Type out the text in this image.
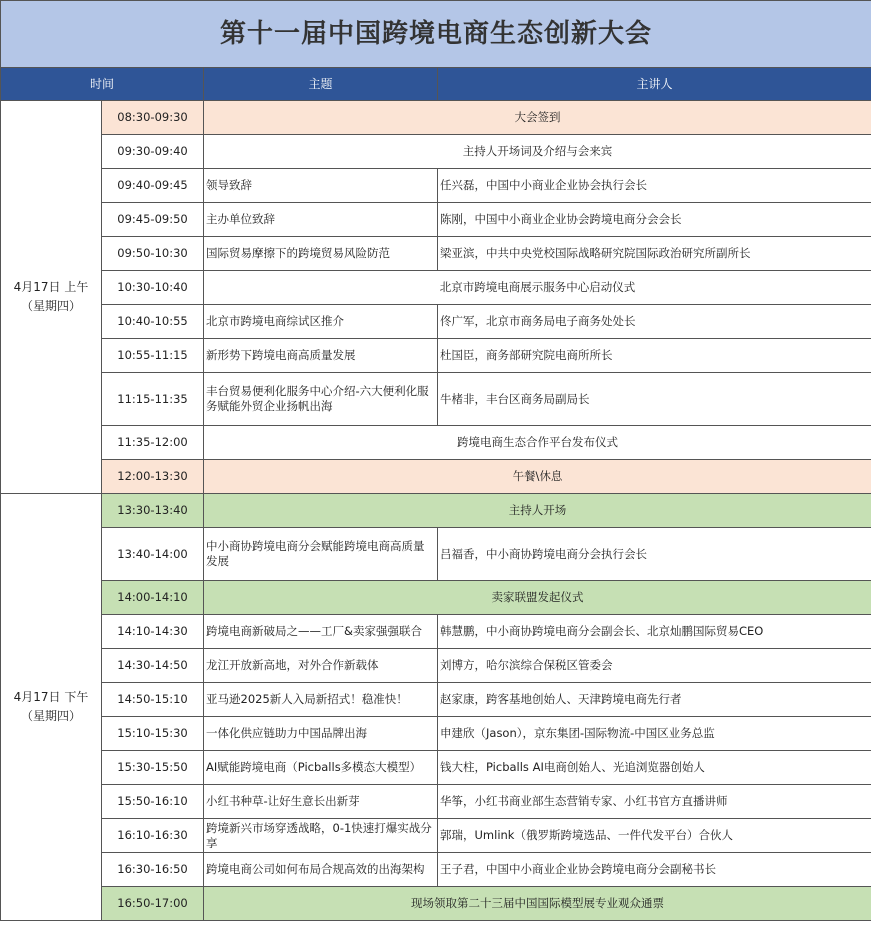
第十一届中国跨境电商生态创新大会			
时间		主题	主讲人

4月17日 上午
（星期四）	08:30-09:30	大会签到	
	09:30-09:40	主持人开场词及介绍与会来宾	
	09:40-09:45	领导致辞	任兴磊，中国中小商业企业协会执行会长
	09:45-09:50	主办单位致辞	陈刚，中国中小商业企业协会跨境电商分会会长
	09:50-10:30	国际贸易摩擦下的跨境贸易风险防范	梁亚滨，中共中央党校国际战略研究院国际政治研究所副所长
	10:30-10:40	北京市跨境电商展示服务中心启动仪式	
	10:40-10:55	北京市跨境电商综试区推介	佟广军，北京市商务局电子商务处处长
	10:55-11:15	新形势下跨境电商高质量发展	杜国臣，商务部研究院电商所所长
	11:15-11:35	丰台贸易便利化服务中心介绍-六大便利化服务赋能外贸企业扬帆出海	牛楮非，丰台区商务局副局长
	11:35-12:00	跨境电商生态合作平台发布仪式	
	12:00-13:30	午餐\休息	

4月17日 下午
（星期四）	13:30-13:40	主持人开场	
	13:40-14:00	中小商协跨境电商分会赋能跨境电商高质量发展	吕福香，中小商协跨境电商分会执行会长
	14:00-14:10	卖家联盟发起仪式	
	14:10-14:30	跨境电商新破局之——工厂&卖家强强联合	韩慧鹏，中小商协跨境电商分会副会长、北京灿鹏国际贸易CEO
	14:30-14:50	龙江开放新高地，对外合作新载体	刘博方，哈尔滨综合保税区管委会
	14:50-15:10	亚马逊2025新人入局新招式！稳准快！	赵家康，跨客基地创始人、天津跨境电商先行者
	15:10-15:30	一体化供应链助力中国品牌出海	申建欣（Jason），京东集团-国际物流-中国区业务总监
	15:30-15:50	AI赋能跨境电商（Picballs多模态大模型）	钱大柱，Picballs AI电商创始人、光追浏览器创始人
	15:50-16:10	小红书种草-让好生意长出新芽	华筝，小红书商业部生态营销专家、小红书官方直播讲师
	16:10-16:30	跨境新兴市场穿透战略，0-1快速打爆实战分享	郭瑞，Umlink（俄罗斯跨境选品、一件代发平台）合伙人
	16:30-16:50	跨境电商公司如何布局合规高效的出海架构	王子君，中国中小商业企业协会跨境电商分会副秘书长
	16:50-17:00	现场领取第二十三届中国国际模型展专业观众通票	
